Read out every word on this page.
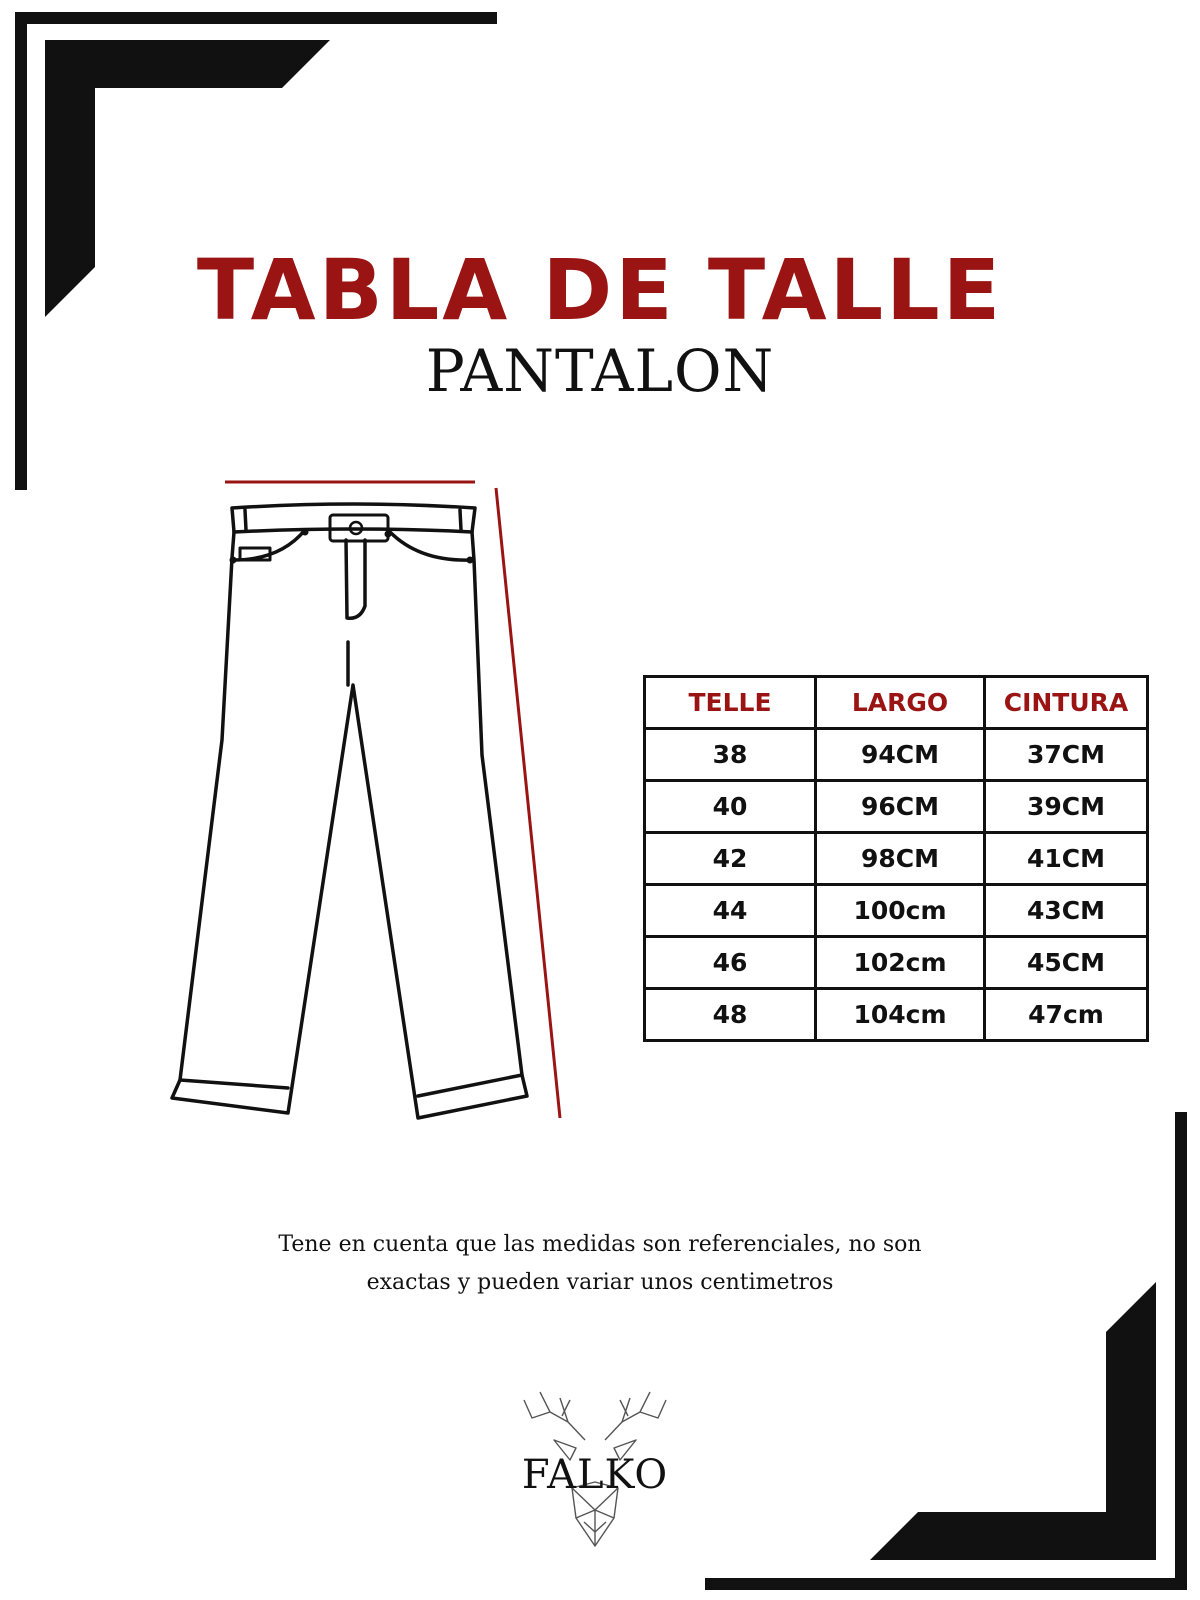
TABLA DE TALLE
PANTALON
TELLE	LARGO	CINTURA
38	94CM	37CM
40	96CM	39CM
42	98CM	41CM
44	100cm	43CM
46	102cm	45CM
48	104cm	47cm

Tene en cuenta que las medidas son referenciales, no son
exactas y pueden variar unos centimetros

FALKO
